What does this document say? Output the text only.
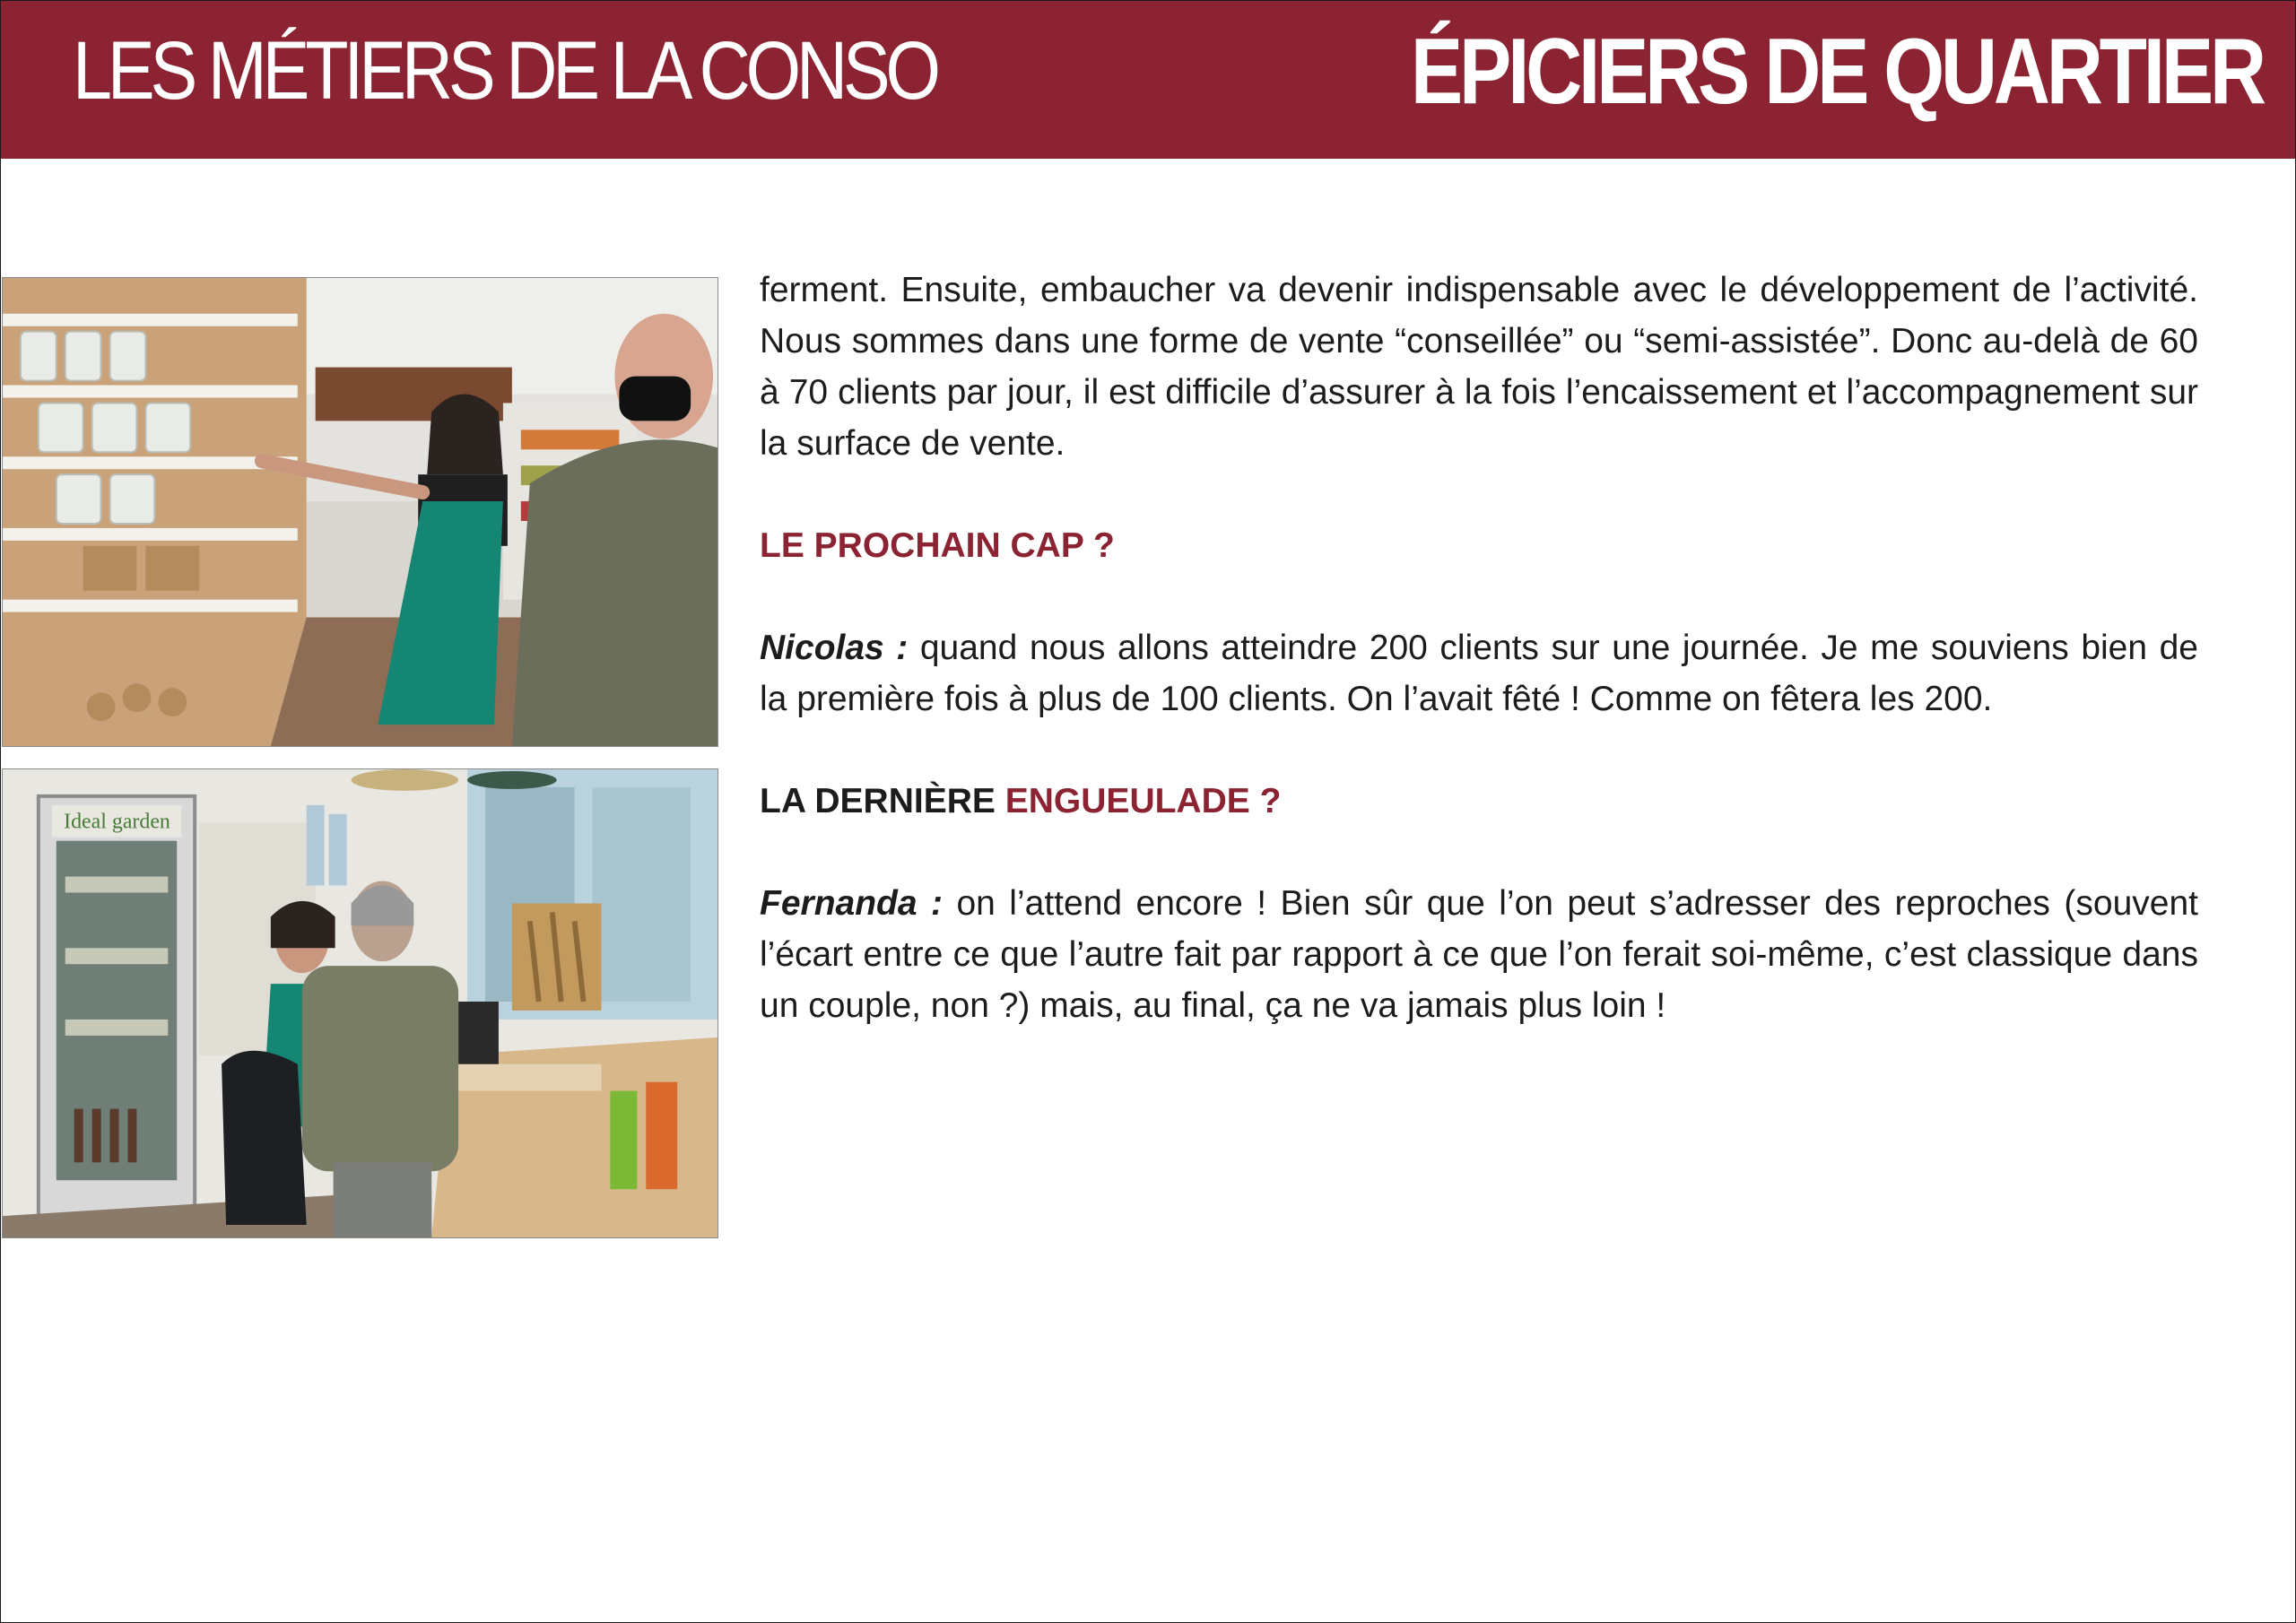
LES MÉTIERS DE LA CONSO	ÉPICIERS DE QUARTIER
Ideal garden

ferment. Ensuite, embaucher va devenir indispensable avec le développement de l’activité. Nous sommes dans une forme de vente “conseillée” ou “semi-assistée”. Donc au-delà de 60 à 70 clients par jour, il est difficile d’assurer à la fois l’encaissement et l’accompagnement sur la surface de vente.

LE PROCHAIN CAP ?

Nicolas : quand nous allons atteindre 200 clients sur une journée. Je me souviens bien de la première fois à plus de 100 clients. On l’avait fêté ! Comme on fêtera les 200.

LA DERNIÈRE ENGUEULADE ?

Fernanda : on l’attend encore ! Bien sûr que l’on peut s’adresser des reproches (souvent l’écart entre ce que l’autre fait par rapport à ce que l’on ferait soi-même, c’est classique dans un couple, non ?) mais, au final, ça ne va jamais plus loin !
